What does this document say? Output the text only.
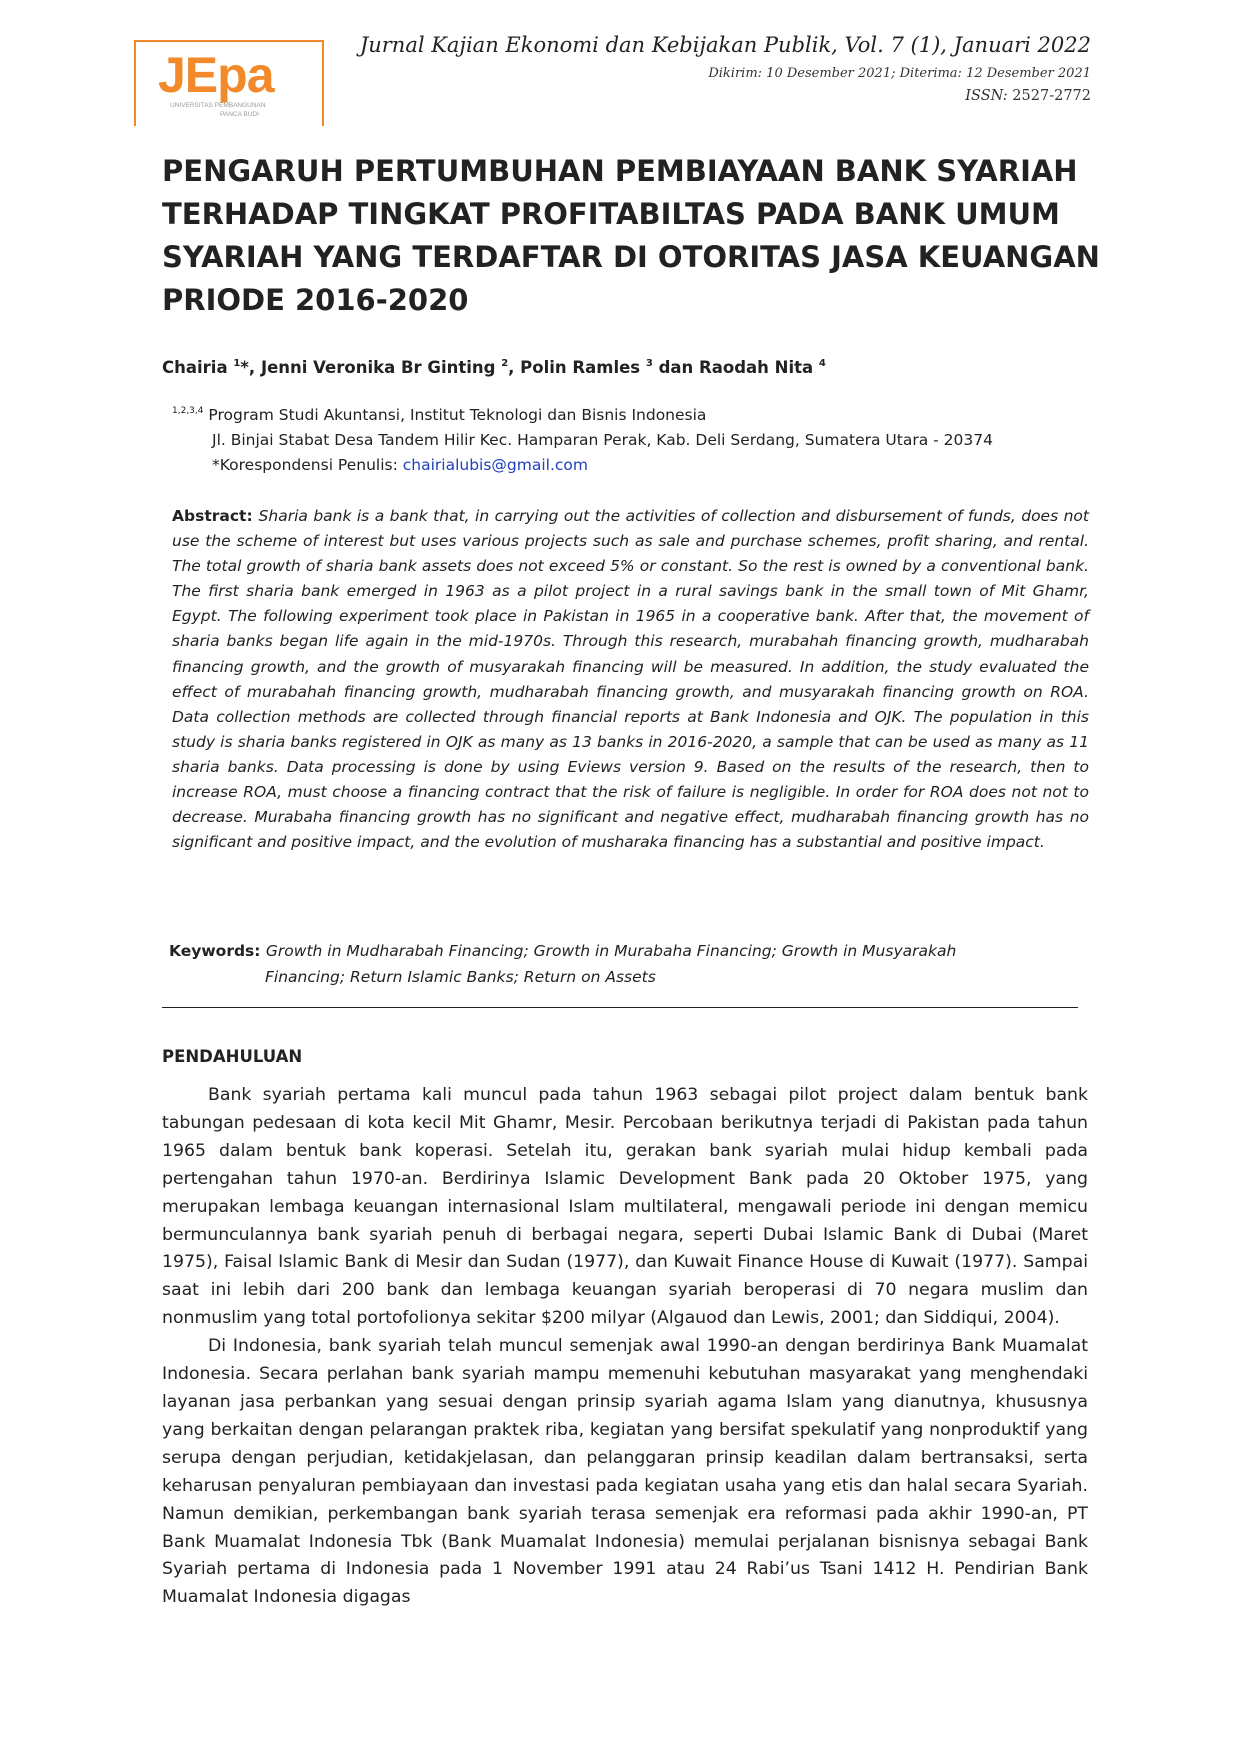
JEpa
UNIVERSITAS PEMBANGUNAN
PANCA BUDI
Jurnal Kajian Ekonomi dan Kebijakan Publik, Vol. 7 (1), Januari 2022
Dikirim: 10 Desember 2021; Diterima: 12 Desember 2021
ISSN: 2527-2772
PENGARUH PERTUMBUHAN PEMBIAYAAN BANK SYARIAH
TERHADAP TINGKAT PROFITABILTAS PADA BANK UMUM
SYARIAH YANG TERDAFTAR DI OTORITAS JASA KEUANGAN
PRIODE 2016-2020
Chairia $^1$*, Jenni Veronika Br Ginting $^2$, Polin Ramles $^3$ dan Raodah Nita $^4$
$^{1,2,3,4}$ Program Studi Akuntansi, Institut Teknologi dan Bisnis Indonesia
Jl. Binjai Stabat Desa Tandem Hilir Kec. Hamparan Perak, Kab. Deli Serdang, Sumatera Utara - 20374
*Korespondensi Penulis: chairialubis@gmail.com
Abstract: Sharia bank is a bank that, in carrying out the activities of collection and disbursement of funds, does not use the scheme of interest but uses various projects such as sale and purchase schemes, profit sharing, and rental. The total growth of sharia bank assets does not exceed 5% or constant. So the rest is owned by a conventional bank. The first sharia bank emerged in 1963 as a pilot project in a rural savings bank in the small town of Mit Ghamr, Egypt. The following experiment took place in Pakistan in 1965 in a cooperative bank. After that, the movement of sharia banks began life again in the mid-1970s. Through this research, murabahah financing growth, mudharabah financing growth, and the growth of musyarakah financing will be measured. In addition, the study evaluated the effect of murabahah financing growth, mudharabah financing growth, and musyarakah financing growth on ROA. Data collection methods are collected through financial reports at Bank Indonesia and OJK. The population in this study is sharia banks registered in OJK as many as 13 banks in 2016-2020, a sample that can be used as many as 11 sharia banks. Data processing is done by using Eviews version 9. Based on the results of the research, then to increase ROA, must choose a financing contract that the risk of failure is negligible. In order for ROA does not not to decrease. Murabaha financing growth has no significant and negative effect, mudharabah financing growth has no significant and positive impact, and the evolution of musharaka financing has a substantial and positive impact.
Keywords: Growth in Mudharabah Financing; Growth in Murabaha Financing; Growth in Musyarakah
Financing; Return Islamic Banks; Return on Assets
PENDAHULUAN

Bank syariah pertama kali muncul pada tahun 1963 sebagai pilot project dalam bentuk bank tabungan pedesaan di kota kecil Mit Ghamr, Mesir. Percobaan berikutnya terjadi di Pakistan pada tahun 1965 dalam bentuk bank koperasi. Setelah itu, gerakan bank syariah mulai hidup kembali pada pertengahan tahun 1970-an. Berdirinya Islamic Development Bank pada 20 Oktober 1975, yang merupakan lembaga keuangan internasional Islam multilateral, mengawali periode ini dengan memicu bermunculannya bank syariah penuh di berbagai negara, seperti Dubai Islamic Bank di Dubai (Maret 1975), Faisal Islamic Bank di Mesir dan Sudan (1977), dan Kuwait Finance House di Kuwait (1977). Sampai saat ini lebih dari 200 bank dan lembaga keuangan syariah beroperasi di 70 negara muslim dan nonmuslim yang total portofolionya sekitar $200 milyar (Algauod dan Lewis, 2001; dan Siddiqui, 2004).

Di Indonesia, bank syariah telah muncul semenjak awal 1990-an dengan berdirinya Bank Muamalat Indonesia. Secara perlahan bank syariah mampu memenuhi kebutuhan masyarakat yang menghendaki layanan jasa perbankan yang sesuai dengan prinsip syariah agama Islam yang dianutnya, khususnya yang berkaitan dengan pelarangan praktek riba, kegiatan yang bersifat spekulatif yang nonproduktif yang serupa dengan perjudian, ketidakjelasan, dan pelanggaran prinsip keadilan dalam bertransaksi, serta keharusan penyaluran pembiayaan dan investasi pada kegiatan usaha yang etis dan halal secara Syariah. Namun demikian, perkembangan bank syariah terasa semenjak era reformasi pada akhir 1990-an, PT Bank Muamalat Indonesia Tbk (Bank Muamalat Indonesia) memulai perjalanan bisnisnya sebagai Bank Syariah pertama di Indonesia pada 1 November 1991 atau 24 Rabi’us Tsani 1412 H. Pendirian Bank Muamalat Indonesia digagas
